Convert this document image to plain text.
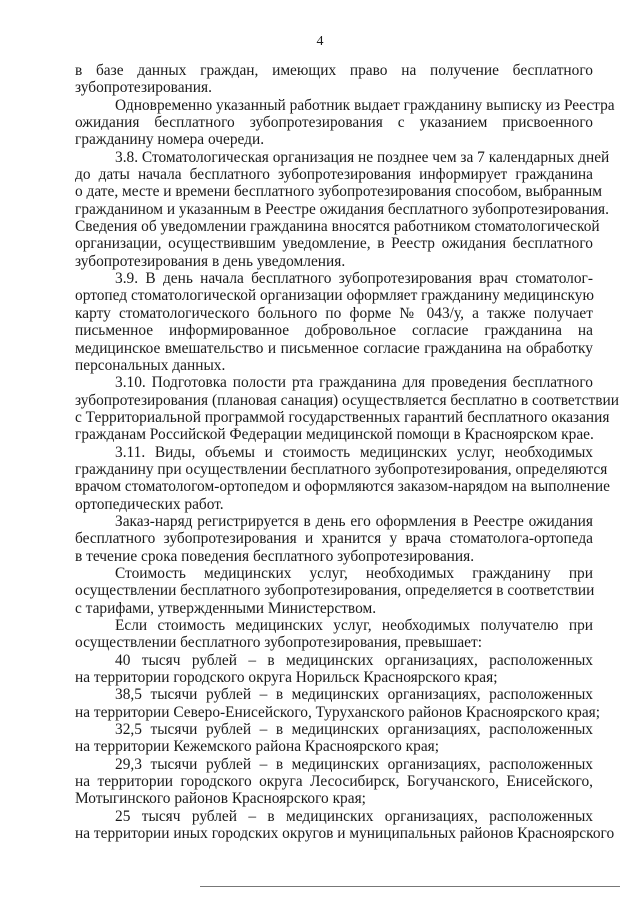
4
в базе данных граждан, имеющих право на получение бесплатного
зубопротезирования.
Одновременно указанный работник выдает гражданину выписку из Реестра
ожидания бесплатного зубопротезирования с указанием присвоенного
гражданину номера очереди.
3.8. Стоматологическая организация не позднее чем за 7 календарных дней
до даты начала бесплатного зубопротезирования информирует гражданина
о дате, месте и времени бесплатного зубопротезирования способом, выбранным
гражданином и указанным в Реестре ожидания бесплатного зубопротезирования.
Сведения об уведомлении гражданина вносятся работником стоматологической
организации, осуществившим уведомление, в Реестр ожидания бесплатного
зубопротезирования в день уведомления.
3.9. В день начала бесплатного зубопротезирования врач стоматолог-
ортопед стоматологической организации оформляет гражданину медицинскую
карту стоматологического больного по форме № 043/у, а также получает
письменное информированное добровольное согласие гражданина на
медицинское вмешательство и письменное согласие гражданина на обработку
персональных данных.
3.10. Подготовка полости рта гражданина для проведения бесплатного
зубопротезирования (плановая санация) осуществляется бесплатно в соответствии
с Территориальной программой государственных гарантий бесплатного оказания
гражданам Российской Федерации медицинской помощи в Красноярском крае.
3.11. Виды, объемы и стоимость медицинских услуг, необходимых
гражданину при осуществлении бесплатного зубопротезирования, определяются
врачом стоматологом-ортопедом и оформляются заказом-нарядом на выполнение
ортопедических работ.
Заказ-наряд регистрируется в день его оформления в Реестре ожидания
бесплатного зубопротезирования и хранится у врача стоматолога-ортопеда
в течение срока поведения бесплатного зубопротезирования.
Стоимость медицинских услуг, необходимых гражданину при
осуществлении бесплатного зубопротезирования, определяется в соответствии
с тарифами, утвержденными Министерством.
Если стоимость медицинских услуг, необходимых получателю при
осуществлении бесплатного зубопротезирования, превышает:
40 тысяч рублей – в медицинских организациях, расположенных
на территории городского округа Норильск Красноярского края;
38,5 тысячи рублей – в медицинских организациях, расположенных
на территории Северо-Енисейского, Туруханского районов Красноярского края;
32,5 тысячи рублей – в медицинских организациях, расположенных
на территории Кежемского района Красноярского края;
29,3 тысячи рублей – в медицинских организациях, расположенных
на территории городского округа Лесосибирск, Богучанского, Енисейского,
Мотыгинского районов Красноярского края;
25 тысяч рублей – в медицинских организациях, расположенных
на территории иных городских округов и муниципальных районов Красноярского
